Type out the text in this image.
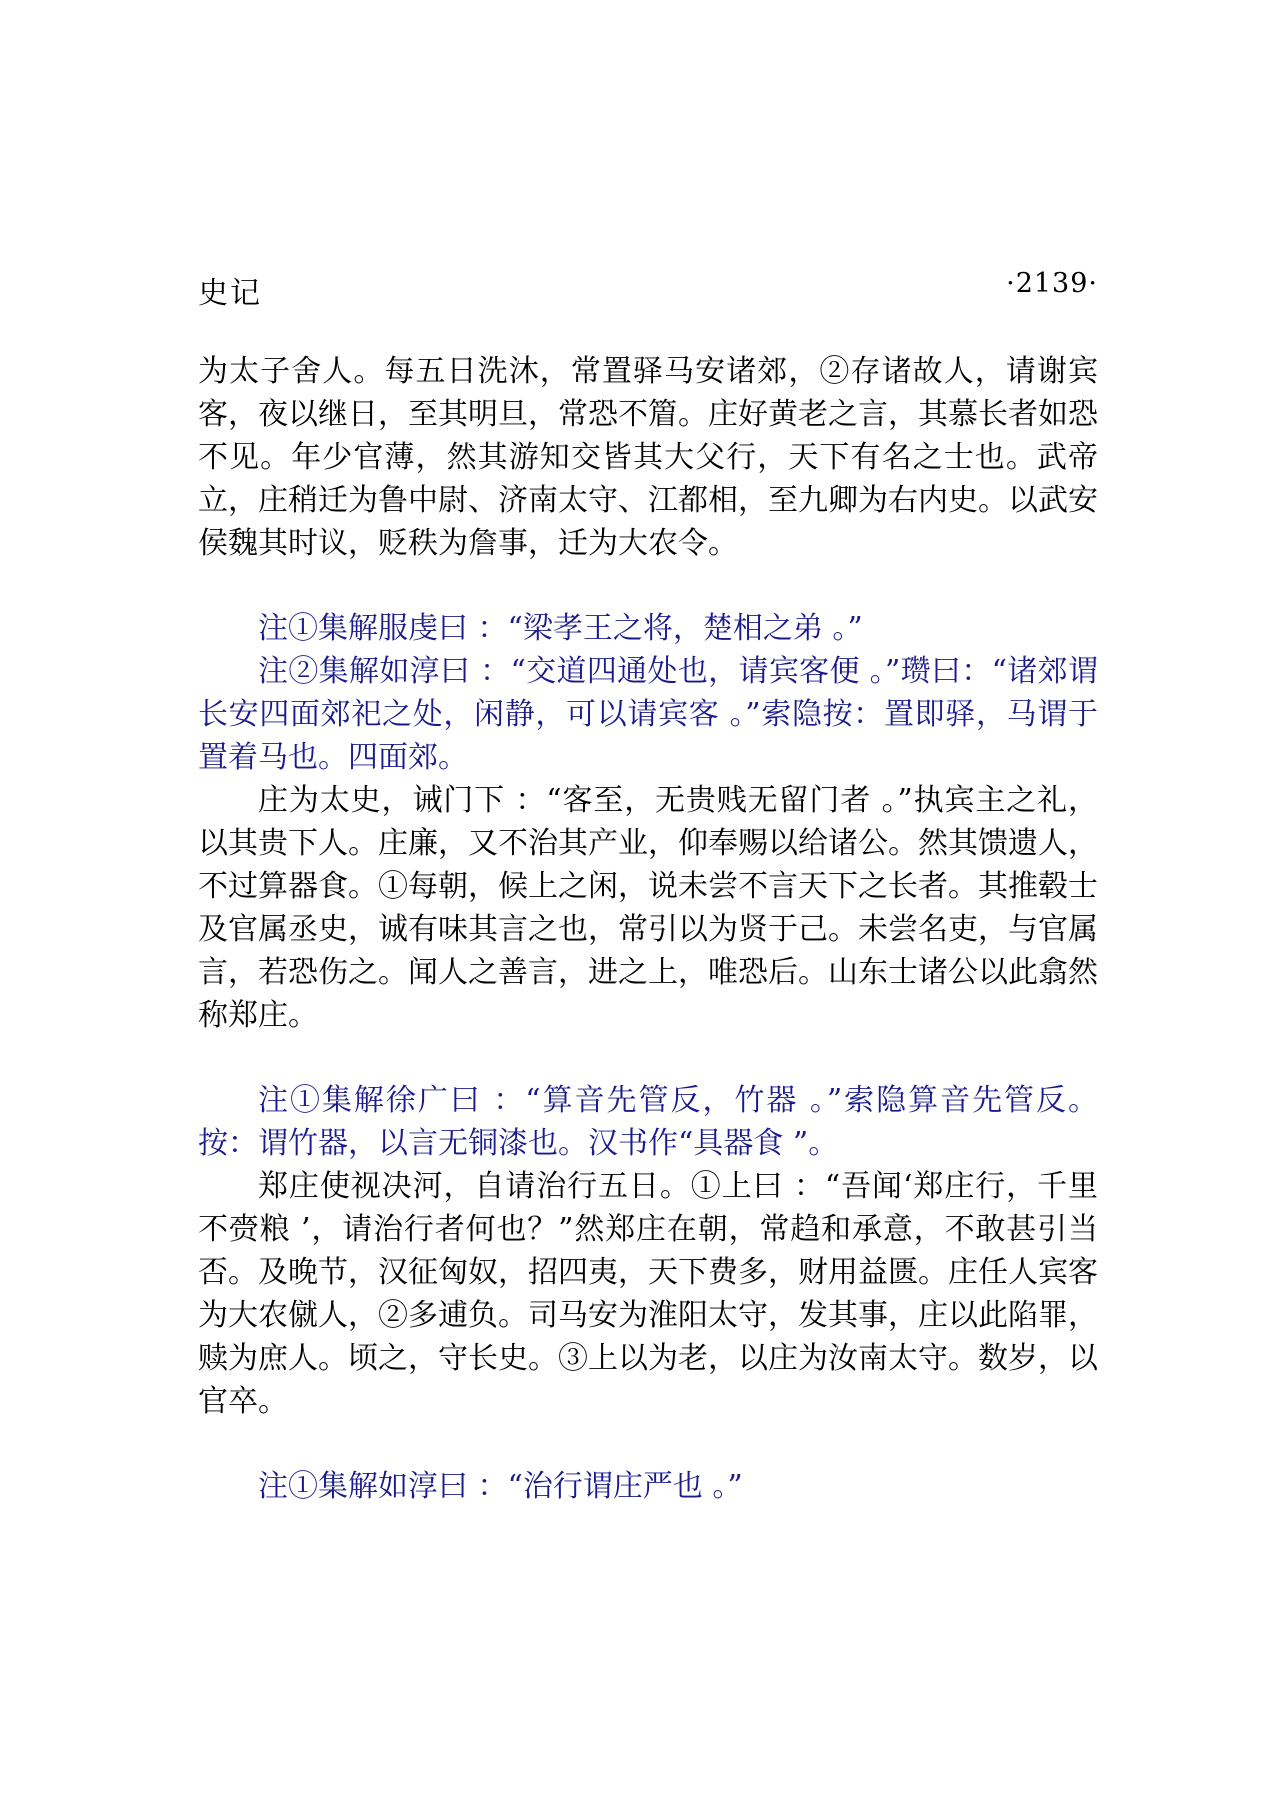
史记	·2139·

为太子舍人。每五日洗沐，常置驿马安诸郊，②存诸故人，请谢宾客，夜以继日，至其明旦，常恐不篃。庄好黄老之言，其慕长者如恐不见。年少官薄，然其游知交皆其大父行，天下有名之士也。武帝立，庄稍迁为鲁中尉、济南太守、江都相，至九卿为右内史。以武安侯魏其时议，贬秩为詹事，迁为大农令。

注①集解服虔曰 ：“梁孝王之将，楚相之弟 。”

注②集解如淳曰 ：“交道四通处也，请宾客便 。”瓒曰：“诸郊谓长安四面郊祀之处，闲静，可以请宾客 。”索隐按：置即驿，马谓于置着马也。四面郊。

庄为太史，诫门下 ：“客至，无贵贱无留门者 。”执宾主之礼，以其贵下人。庄廉，又不治其产业，仰奉赐以给诸公。然其馈遗人，不过算器食。①每朝，候上之闲，说未尝不言天下之长者。其推毂士及官属丞史，诚有味其言之也，常引以为贤于己。未尝名吏，与官属言，若恐伤之。闻人之善言，进之上，唯恐后。山东士诸公以此翕然称郑庄。

注①集解徐广曰 ：“算音先管反，竹器 。”索隐算音先管反。按：谓竹器，以言无铜漆也。汉书作“具器食 ”。

郑庄使视决河，自请治行五日。①上曰 ：“吾闻‘郑庄行，千里不赍粮 ’，请治行者何也？”然郑庄在朝，常趋和承意，不敢甚引当否。及晚节，汉征匈奴，招四夷，天下费多，财用益匮。庄任人宾客为大农僦人，②多逋负。司马安为淮阳太守，发其事，庄以此陷罪，赎为庶人。顷之，守长史。③上以为老，以庄为汝南太守。数岁，以官卒。

注①集解如淳曰 ：“治行谓庄严也 。”
